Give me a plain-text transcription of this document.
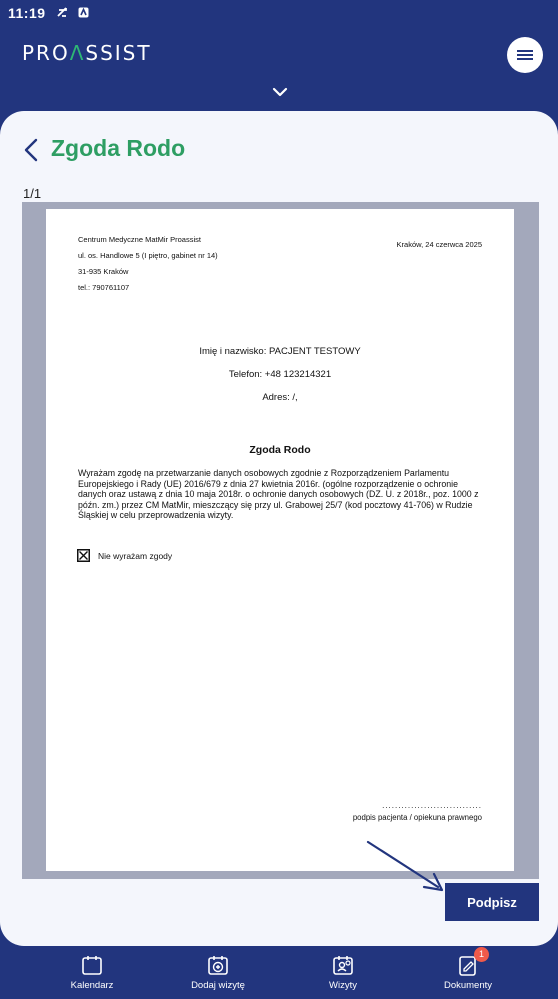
11:19
PROΛSSIST
Zgoda Rodo
1/1
Centrum Medyczne MatMir Proassist
ul. os. Handlowe 5 (I piętro, gabinet nr 14)
31-935 Kraków
tel.: 790761107
Kraków, 24 czerwca 2025
Imię i nazwisko: PACJENT TESTOWY
Telefon: +48 123214321
Adres: /,
Zgoda Rodo
Wyrażam zgodę na przetwarzanie danych osobowych zgodnie z Rozporządzeniem Parlamentu Europejskiego i Rady (UE) 2016/679 z dnia 27 kwietnia 2016r. (ogólne rozporządzenie o ochronie danych oraz ustawą z dnia 10 maja 2018r. o ochronie danych osobowych (DZ. U. z 2018r., poz. 1000 z późn. zm.) przez CM MatMir, mieszczący się przy ul. Grabowej 25/7 (kod pocztowy 41-706) w Rudzie Śląskiej w celu przeprowadzenia wizyty.
Nie wyrażam zgody
...............................
podpis pacjenta / opiekuna prawnego
Podpisz
Kalendarz	Dodaj wizytę	Wizyty
1
Dokumenty
